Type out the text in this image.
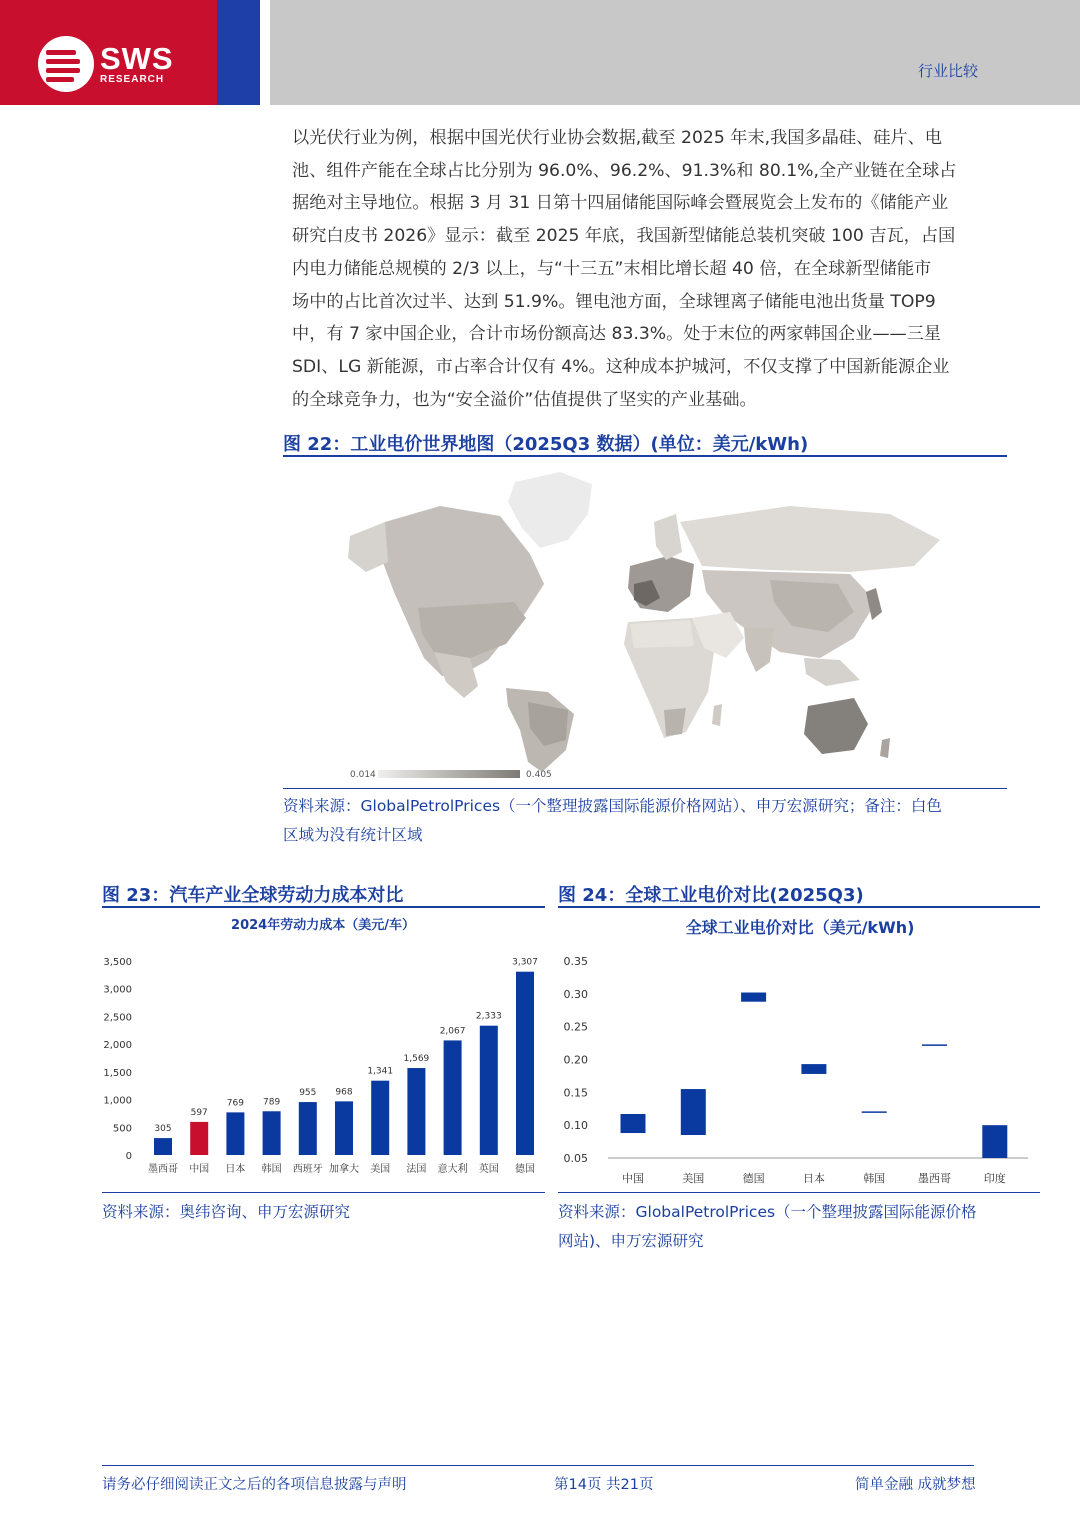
SWS
RESEARCH	行业比较
以光伏行业为例，根据中国光伏行业协会数据,截至 2025 年末,我国多晶硅、硅片、电
池、组件产能在全球占比分别为 96.0%、96.2%、91.3%和 80.1%,全产业链在全球占
据绝对主导地位。根据 3 月 31 日第十四届储能国际峰会暨展览会上发布的《储能产业
研究白皮书 2026》显示：截至 2025 年底，我国新型储能总装机突破 100 吉瓦，占国
内电力储能总规模的 2/3 以上，与“十三五”末相比增长超 40 倍，在全球新型储能市
场中的占比首次过半、达到 51.9%。锂电池方面，全球锂离子储能电池出货量 TOP9
中，有 7 家中国企业，合计市场份额高达 83.3%。处于末位的两家韩国企业——三星
SDI、LG 新能源，市占率合计仅有 4%。这种成本护城河，不仅支撑了中国新能源企业
的全球竞争力，也为“安全溢价”估值提供了坚实的产业基础。
图 22：工业电价世界地图（2025Q3 数据）(单位：美元/kWh)
0.014	0.405
资料来源：GlobalPetrolPrices（一个整理披露国际能源价格网站）、申万宏源研究；备注：白色
区域为没有统计区域
图 23：汽车产业全球劳动力成本对比
2024年劳动力成本（美元/车）
0
500
1,000
1,500
2,000
2,500
3,000
3,500
305
墨西哥
597
中国
769
日本
789
韩国
955
西班牙
968
加拿大
1,341
美国
1,569
法国
2,067
意大利
2,333
英国
3,307
德国
资料来源：奥纬咨询、申万宏源研究
图 24：全球工业电价对比(2025Q3)
全球工业电价对比（美元/kWh)
0.05
0.10
0.15
0.20
0.25
0.30
0.35
中国	美国	德国	日本	韩国	墨西哥	印度
资料来源：GlobalPetrolPrices（一个整理披露国际能源价格
网站)、申万宏源研究
请务必仔细阅读正文之后的各项信息披露与声明	第14页 共21页	简单金融 成就梦想
